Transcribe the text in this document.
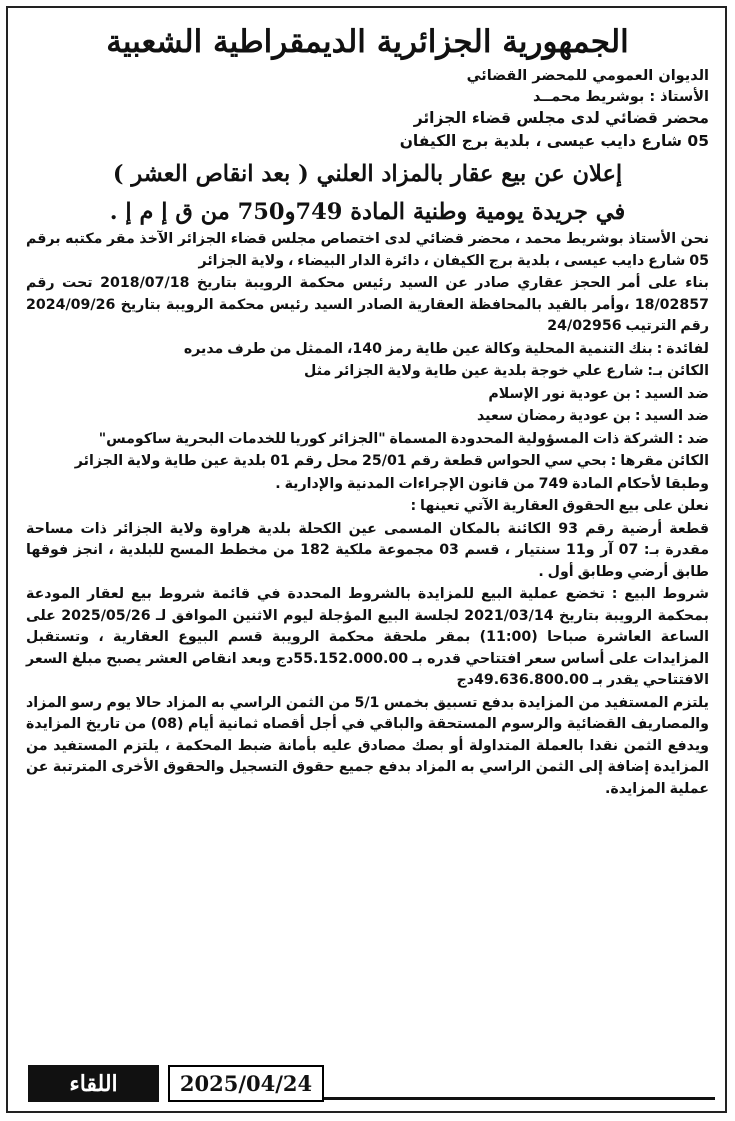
الجمهورية الجزائرية الديمقراطية الشعبية
الديوان العمومي للمحضر القضائي
الأستاذ : بوشريط محمــد
محضر قضائي لدى مجلس قضاء الجزائر
05 شارع دايب عيسى ، بلدية برج الكيفان
إعلان عن بيع عقار بالمزاد العلني ( بعد انقاص العشر )
في جريدة يومية وطنية المادة 749و750 من ق إ م إ .

نحن الأستاذ بوشريط محمد ، محضر قضائي لدى اختصاص مجلس قضاء الجزائر الآخذ مقر مكتبه برقم 05 شارع دايب عيسى ، بلدية برج الكيفان ، دائرة الدار البيضاء ، ولاية الجزائر

بناء على أمر الحجز عقاري صادر عن السيد رئيس محكمة الرويبة بتاريخ 2018/07/18 تحت رقم 18/02857 ،وأمر بالقيد بالمحافظة العقارية الصادر السيد رئيس محكمة الرويبة بتاريخ 2024/09/26 رقم الترتيب 24/02956

لفائدة : بنك التنمية المحلية وكالة عين طاية رمز 140، الممثل من طرف مديره

الكائن بـ: شارع علي خوجة بلدية عين طاية ولاية الجزائر مثل

ضد السيد : بن عودية نور الإسلام

ضد السيد : بن عودية رمضان سعيد

ضد : الشركة ذات المسؤولية المحدودة المسماة "الجزائر كوريا للخدمات البحرية ساكومس"

الكائن مقرها : بحي سي الحواس قطعة رقم 25/01 محل رقم 01 بلدية عين طاية ولاية الجزائر

وطبقا لأحكام المادة 749 من قانون الإجراءات المدنية والإدارية .

نعلن على بيع الحقوق العقارية الآتي تعينها :

قطعة أرضية رقم 93 الكائنة بالمكان المسمى عين الكحلة بلدية هراوة ولاية الجزائر ذات مساحة مقدرة بـ: 07 آر و11 سنتيار ، قسم 03 مجموعة ملكية 182 من مخطط المسح للبلدية ، انجز فوقها طابق أرضي وطابق أول .

شروط البيع : تخضع عملية البيع للمزايدة بالشروط المحددة في قائمة شروط بيع لعقار المودعة بمحكمة الرويبة بتاريخ 2021/03/14 لجلسة البيع المؤجلة ليوم الاثنين الموافق لـ 2025/05/26 على الساعة العاشرة صباحا (11:00) بمقر ملحقة محكمة الرويبة قسم البيوع العقارية ، وتستقبل المزايدات على أساس سعر افتتاحي قدره بـ 55.152.000.00دج وبعد انقاص العشر يصبح مبلغ السعر الافتتاحي يقدر بـ 49.636.800.00دج

يلتزم المستفيد من المزايدة بدفع تسبيق بخمس 5/1 من الثمن الراسي به المزاد حالا يوم رسو المزاد والمصاريف القضائية والرسوم المستحقة والباقي في أجل أقصاه ثمانية أيام (08) من تاريخ المزايدة ويدفع الثمن نقدا بالعملة المتداولة أو بصك مصادق عليه بأمانة ضبط المحكمة ، يلتزم المستفيد من المزايدة إضافة إلى الثمن الراسي به المزاد بدفع جميع حقوق التسجيل والحقوق الأخرى المترتبة عن عملية المزايدة.

اللقاء	2025/04/24
